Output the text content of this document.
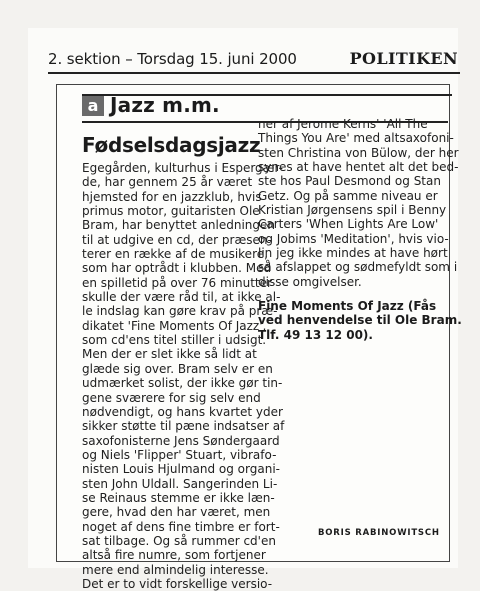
2. sektion – Torsdag 15. juni 2000	POLITIKEN
a Jazz m.m.
Fødselsdagsjazz
Egegården, kulturhus i Espergær-
de, har gennem 25 år været
hjemsted for en jazzklub, hvis
primus motor, guitaristen Ole
Bram, har benyttet anledningen
til at udgive en cd, der præsen-
terer en række af de musikere,
som har optrådt i klubben. Med
en spilletid på over 76 minutter
skulle der være råd til, at ikke al-
le indslag kan gøre krav på præ-
dikatet 'Fine Moments Of Jazz',
som cd'ens titel stiller i udsigt.
Men der er slet ikke så lidt at
glæde sig over. Bram selv er en
udmærket solist, der ikke gør tin-
gene sværere for sig selv end
nødvendigt, og hans kvartet yder
sikker støtte til pæne indsatser af
saxofonisterne Jens Søndergaard
og Niels 'Flipper' Stuart, vibrafo-
nisten Louis Hjulmand og organi-
sten John Uldall. Sangerinden Li-
se Reinaus stemme er ikke læn-
gere, hvad den har været, men
noget af dens fine timbre er fort-
sat tilbage. Og så rummer cd'en
altså fire numre, som fortjener
mere end almindelig interesse.
Det er to vidt forskellige versio-
ner af Jerome Kerns' 'All The
Things You Are' med altsaxofoni-
sten Christina von Bülow, der her
synes at have hentet alt det bed-
ste hos Paul Desmond og Stan
Getz. Og på samme niveau er
Kristian Jørgensens spil i Benny
Carters 'When Lights Are Low'
og Jobims 'Meditation', hvis vio-
lin jeg ikke mindes at have hørt
så afslappet og sødmefyldt som i
disse omgivelser.
Fine Moments Of Jazz (Fås
ved henvendelse til Ole Bram.
Tlf. 49 13 12 00).
BORIS RABINOWITSCH
